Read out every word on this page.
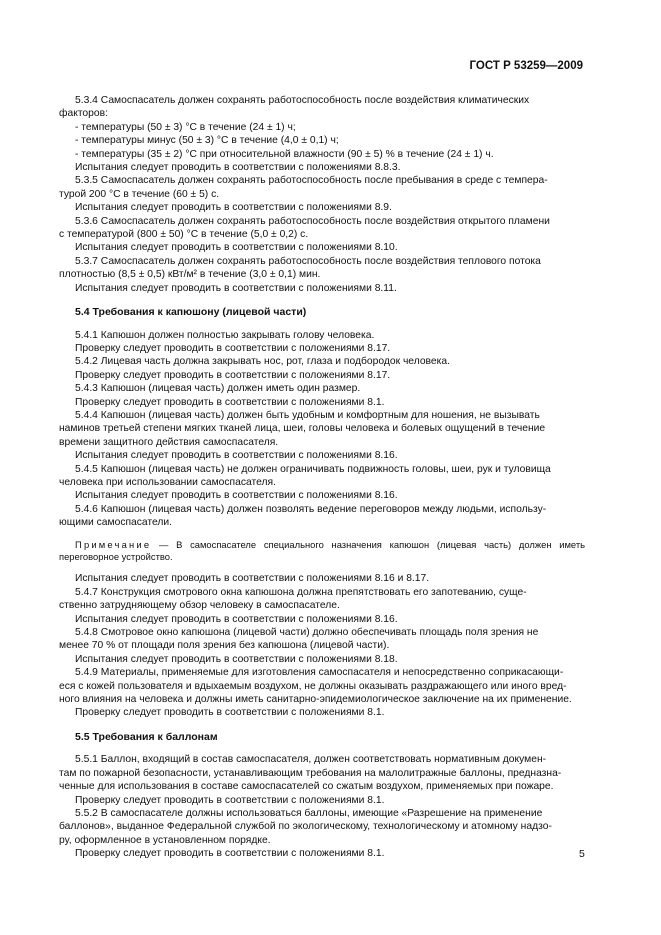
ГОСТ Р 53259—2009

5.3.4 Самоспасатель должен сохранять работоспособность после воздействия климатических

факторов:

- температуры (50 ± 3) °С в течение (24 ± 1) ч;

- температуры минус (50 ± 3) °С в течение (4,0 ± 0,1) ч;

- температуры (35 ± 2) °С при относительной влажности (90 ± 5) % в течение (24 ± 1) ч.

Испытания следует проводить в соответствии с положениями 8.8.3.

5.3.5 Самоспасатель должен сохранять работоспособность после пребывания в среде с темпера-

турой 200 °С в течение (60 ± 5) с.

Испытания следует проводить в соответствии с положениями 8.9.

5.3.6 Самоспасатель должен сохранять работоспособность после воздействия открытого пламени

с температурой (800 ± 50) °С в течение (5,0 ± 0,2) с.

Испытания следует проводить в соответствии с положениями 8.10.

5.3.7 Самоспасатель должен сохранять работоспособность после воздействия теплового потока

плотностью (8,5 ± 0,5) кВт/м² в течение (3,0 ± 0,1) мин.

Испытания следует проводить в соответствии с положениями 8.11.

5.4 Требования к капюшону (лицевой части)

5.4.1 Капюшон должен полностью закрывать голову человека.

Проверку следует проводить в соответствии с положениями 8.17.

5.4.2 Лицевая часть должна закрывать нос, рот, глаза и подбородок человека.

Проверку следует проводить в соответствии с положениями 8.17.

5.4.3 Капюшон (лицевая часть) должен иметь один размер.

Проверку следует проводить в соответствии с положениями 8.1.

5.4.4 Капюшон (лицевая часть) должен быть удобным и комфортным для ношения, не вызывать

наминов третьей степени мягких тканей лица, шеи, головы человека и болевых ощущений в течение

времени защитного действия самоспасателя.

Испытания следует проводить в соответствии с положениями 8.16.

5.4.5 Капюшон (лицевая часть) не должен ограничивать подвижность головы, шеи, рук и туловища

человека при использовании самоспасателя.

Испытания следует проводить в соответствии с положениями 8.16.

5.4.6 Капюшон (лицевая часть) должен позволять ведение переговоров между людьми, использу-

ющими самоспасатели.

Примечание — В самоспасателе специального назначения капюшон (лицевая часть) должен иметь переговорное устройство.

Испытания следует проводить в соответствии с положениями 8.16 и 8.17.

5.4.7 Конструкция смотрового окна капюшона должна препятствовать его запотеванию, суще-

ственно затрудняющему обзор человеку в самоспасателе.

Испытания следует проводить в соответствии с положениями 8.16.

5.4.8 Смотровое окно капюшона (лицевой части) должно обеспечивать площадь поля зрения не

менее 70 % от площади поля зрения без капюшона (лицевой части).

Испытания следует проводить в соответствии с положениями 8.18.

5.4.9 Материалы, применяемые для изготовления самоспасателя и непосредственно соприкасающи-

еся с кожей пользователя и вдыхаемым воздухом, не должны оказывать раздражающего или иного вред-

ного влияния на человека и должны иметь санитарно-эпидемиологическое заключение на их применение.

Проверку следует проводить в соответствии с положениями 8.1.

5.5 Требования к баллонам

5.5.1 Баллон, входящий в состав самоспасателя, должен соответствовать нормативным докумен-

там по пожарной безопасности, устанавливающим требования на малолитражные баллоны, предназна-

ченные для использования в составе самоспасателей со сжатым воздухом, применяемых при пожаре.

Проверку следует проводить в соответствии с положениями 8.1.

5.5.2 В самоспасателе должны использоваться баллоны, имеющие «Разрешение на применение

баллонов», выданное Федеральной службой по экологическому, технологическому и атомному надзо-

ру, оформленное в установленном порядке.

Проверку следует проводить в соответствии с положениями 8.1.	5
